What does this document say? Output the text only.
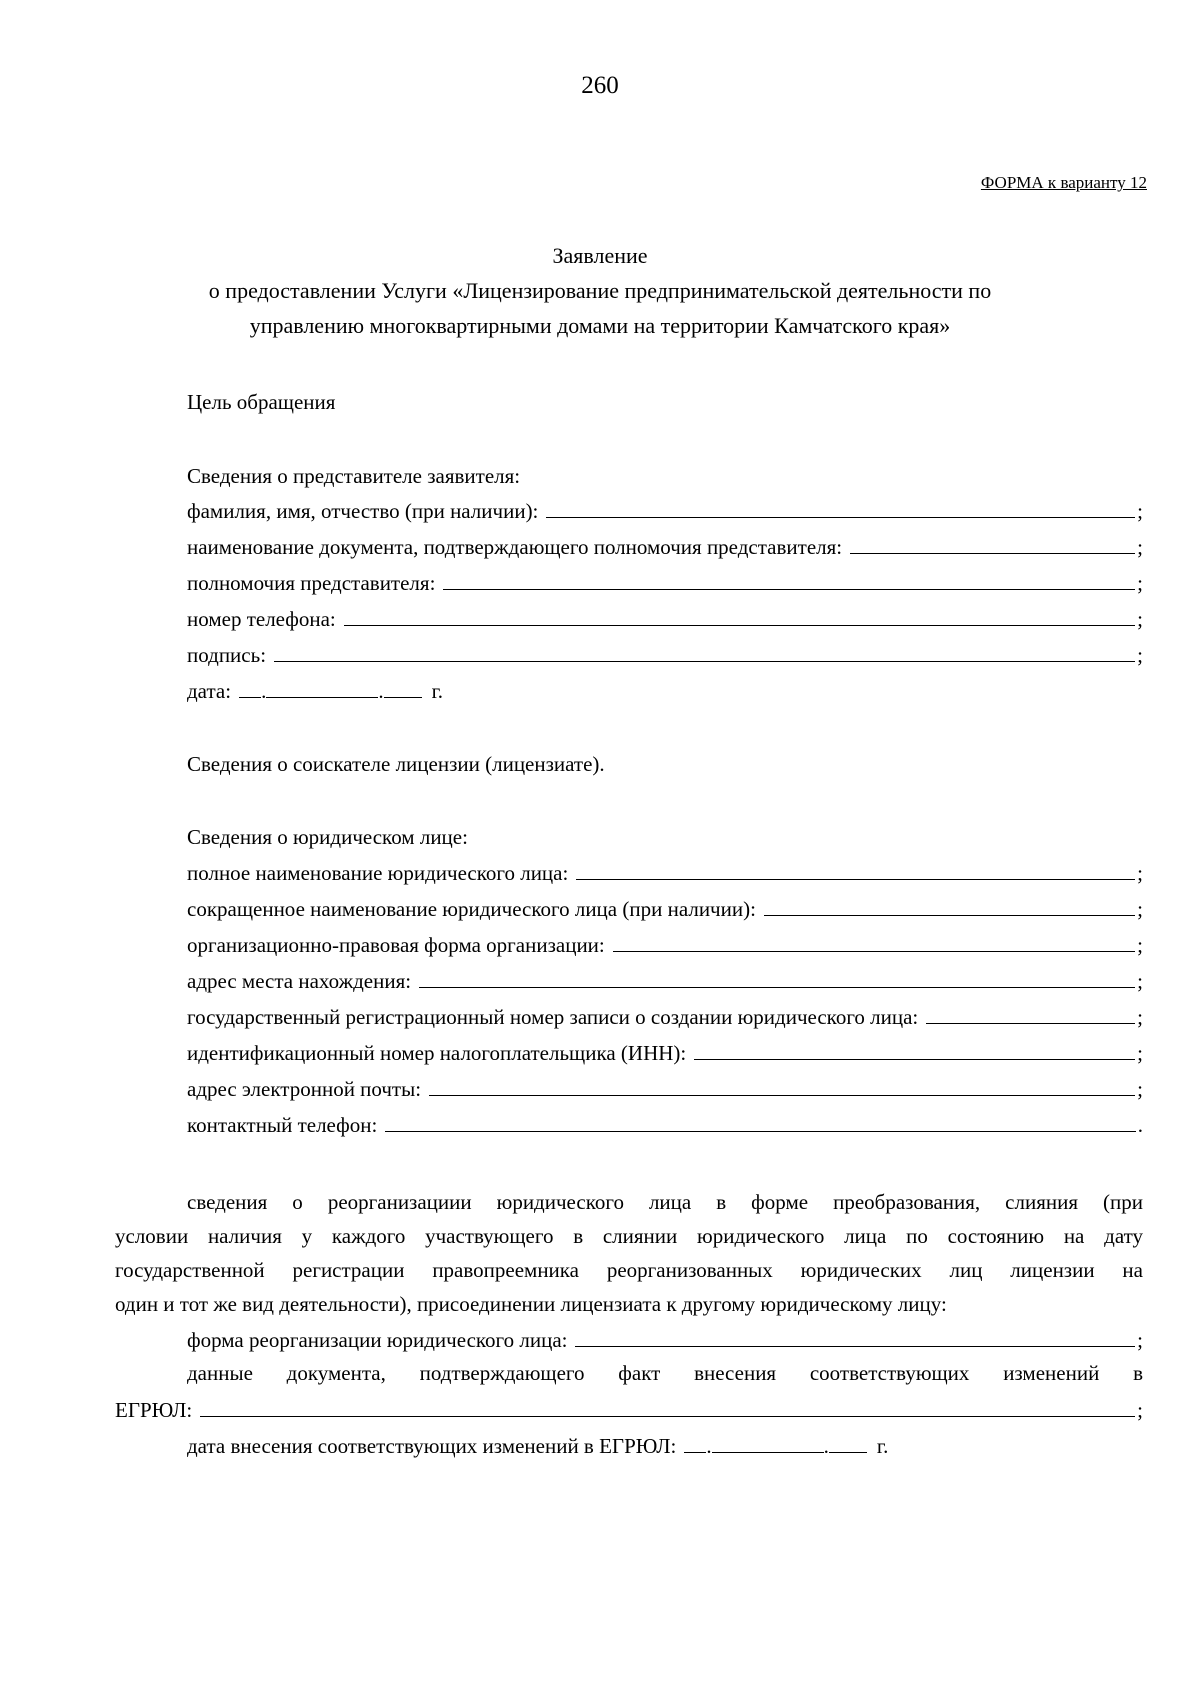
260
ФОРМА к варианту 12
Заявление
о предоставлении Услуги «Лицензирование предпринимательской деятельности по
управлению многоквартирными домами на территории Камчатского края»
Цель обращения
Сведения о представителе заявителя:
фамилия, имя, отчество (при наличии):	;
наименование документа, подтверждающего полномочия представителя:	;
полномочия представителя:	;
номер телефона:	;
подпись:	;
дата: .	. г.
Сведения о соискателе лицензии (лицензиате).
Сведения о юридическом лице:
полное наименование юридического лица:	;
сокращенное наименование юридического лица (при наличии):	;
организационно-правовая форма организации:	;
адрес места нахождения:	;
государственный регистрационный номер записи о создании юридического лица:	;
идентификационный номер налогоплательщика (ИНН):	;
адрес электронной почты:	;
контактный телефон:	.
сведения о реорганизациии юридического лица в форме преобразования, слияния (при
условии наличия у каждого участвующего в слиянии юридического лица по состоянию на дату
государственной регистрации правопреемника реорганизованных юридических лиц лицензии на
один и тот же вид деятельности), присоединении лицензиата к другому юридическому лицу:
форма реорганизации юридического лица:	;
данные документа, подтверждающего факт внесения соответствующих изменений в
ЕГРЮЛ:	;
дата внесения соответствующих изменений в ЕГРЮЛ: .	. г.
